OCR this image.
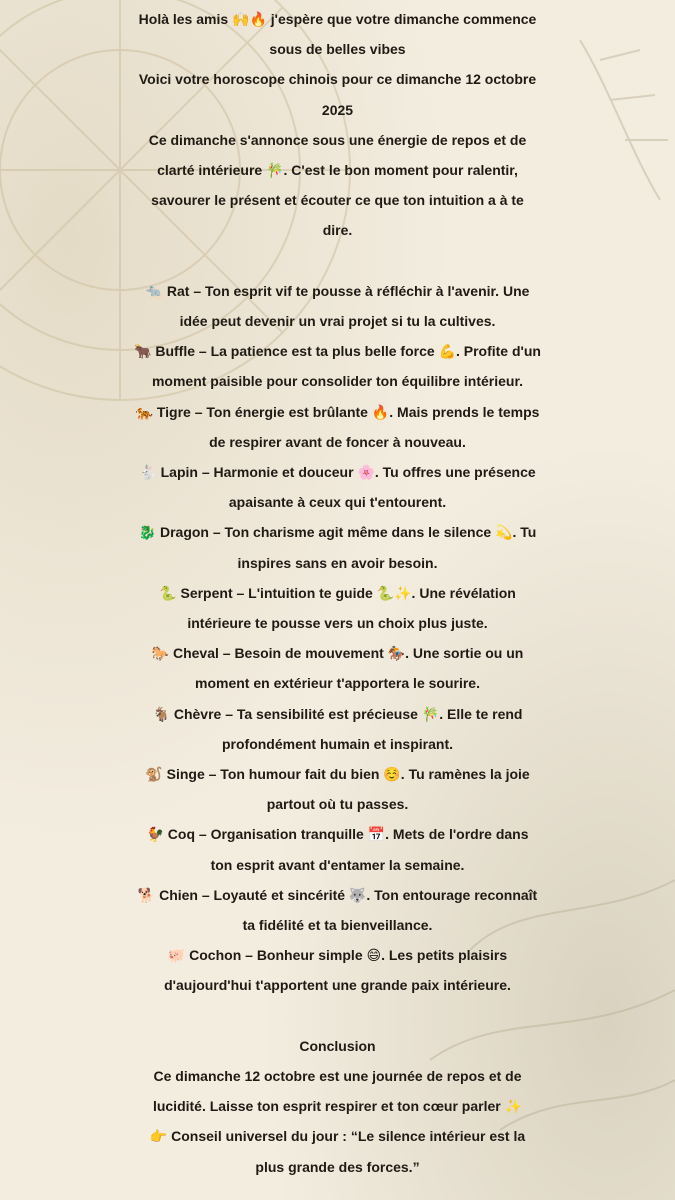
Holà les amis 🙌🔥 j'espère que votre dimanche commence

sous de belles vibes

Voici votre horoscope chinois pour ce dimanche 12 octobre

2025

Ce dimanche s'annonce sous une énergie de repos et de

clarté intérieure 🎋. C'est le bon moment pour ralentir,

savourer le présent et écouter ce que ton intuition a à te

dire.

🐀 Rat – Ton esprit vif te pousse à réfléchir à l'avenir. Une

idée peut devenir un vrai projet si tu la cultives.

🐂 Buffle – La patience est ta plus belle force 💪. Profite d'un

moment paisible pour consolider ton équilibre intérieur.

🐅 Tigre – Ton énergie est brûlante 🔥. Mais prends le temps

de respirer avant de foncer à nouveau.

🐇 Lapin – Harmonie et douceur 🌸. Tu offres une présence

apaisante à ceux qui t'entourent.

🐉 Dragon – Ton charisme agit même dans le silence 💫. Tu

inspires sans en avoir besoin.

🐍 Serpent – L'intuition te guide 🐍✨. Une révélation

intérieure te pousse vers un choix plus juste.

🐎 Cheval – Besoin de mouvement 🏇. Une sortie ou un

moment en extérieur t'apportera le sourire.

🐐 Chèvre – Ta sensibilité est précieuse 🎋. Elle te rend

profondément humain et inspirant.

🐒 Singe – Ton humour fait du bien ☺️. Tu ramènes la joie

partout où tu passes.

🐓 Coq – Organisation tranquille 📅. Mets de l'ordre dans

ton esprit avant d'entamer la semaine.

🐕 Chien – Loyauté et sincérité 🐺. Ton entourage reconnaît

ta fidélité et ta bienveillance.

🐖 Cochon – Bonheur simple 😄. Les petits plaisirs

d'aujourd'hui t'apportent une grande paix intérieure.

Conclusion

Ce dimanche 12 octobre est une journée de repos et de

lucidité. Laisse ton esprit respirer et ton cœur parler ✨

👉 Conseil universel du jour : “Le silence intérieur est la

plus grande des forces.”
